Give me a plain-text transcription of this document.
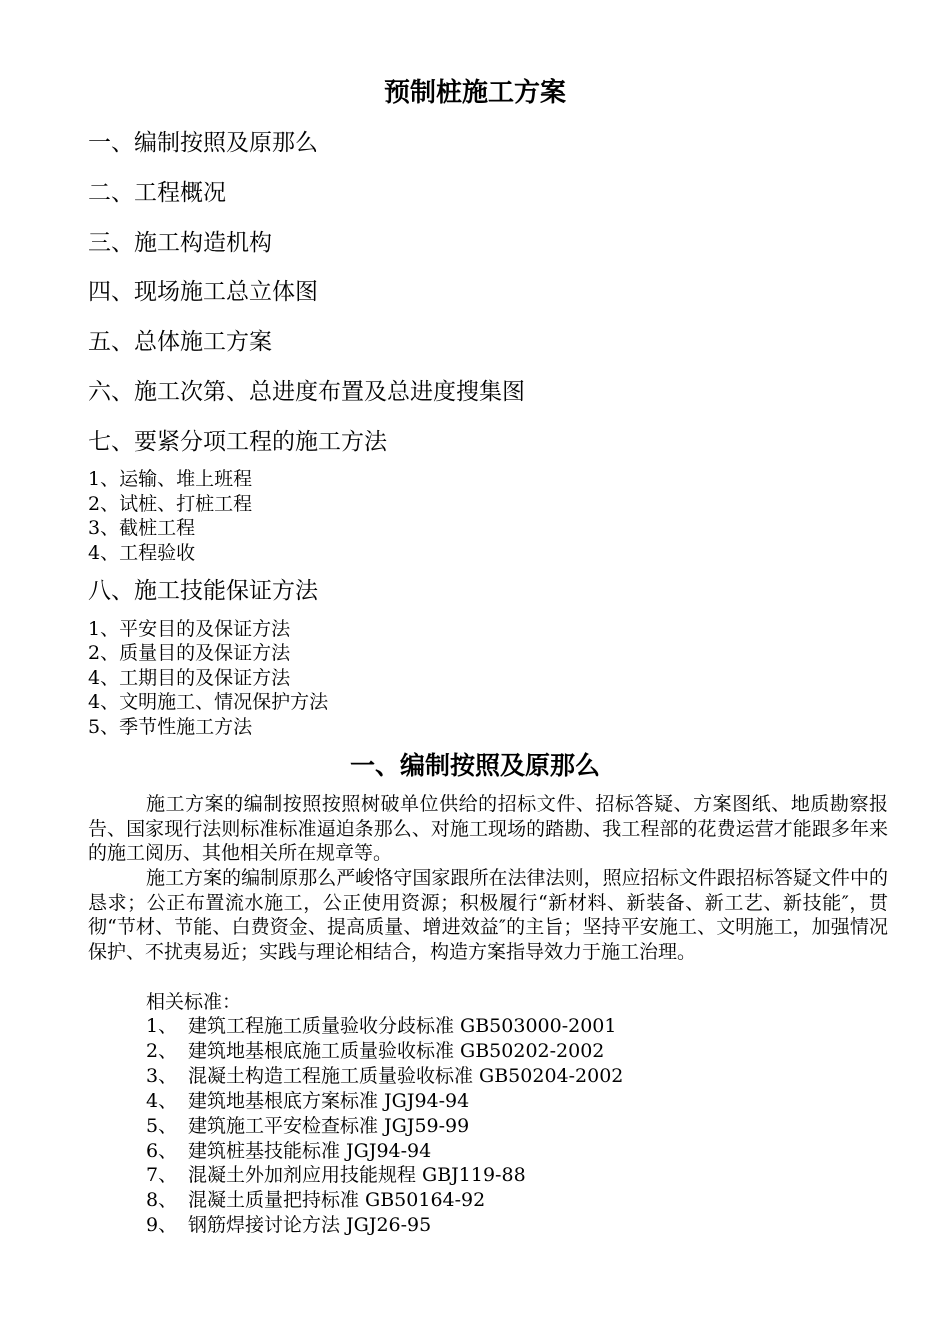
预制桩施工方案
一、编制按照及原那么
二、工程概况
三、施工构造机构
四、现场施工总立体图
五、总体施工方案
六、施工次第、总进度布置及总进度搜集图
七、要紧分项工程的施工方法
1、运输、堆上班程
2、试桩、打桩工程
3、截桩工程
4、工程验收
八、施工技能保证方法
1、平安目的及保证方法
2、质量目的及保证方法
4、工期目的及保证方法
4、文明施工、情况保护方法
5、季节性施工方法
一、编制按照及原那么
施工方案的编制按照按照树破单位供给的招标文件、招标答疑、方案图纸、地质勘察报告、国家现行法则标准标准逼迫条那么、对施工现场的踏勘、我工程部的花费运营才能跟多年来的施工阅历、其他相关所在规章等。
施工方案的编制原那么严峻恪守国家跟所在法律法则，照应招标文件跟招标答疑文件中的恳求；公正布置流水施工，公正使用资源；积极履行“新材料、新装备、新工艺、新技能″，贯彻“节材、节能、白费资金、提高质量、增进效益″的主旨；坚持平安施工、文明施工，加强情况保护、不扰夷易近；实践与理论相结合，构造方案指导效力于施工治理。
相关标准：
1、 建筑工程施工质量验收分歧标准 GB503000-2001
2、 建筑地基根底施工质量验收标准 GB50202-2002
3、 混凝土构造工程施工质量验收标准 GB50204-2002
4、 建筑地基根底方案标准 JGJ94-94
5、 建筑施工平安检查标准 JGJ59-99
6、 建筑桩基技能标准 JGJ94-94
7、 混凝土外加剂应用技能规程 GBJ119-88
8、 混凝土质量把持标准 GB50164-92
9、 钢筋焊接讨论方法 JGJ26-95
